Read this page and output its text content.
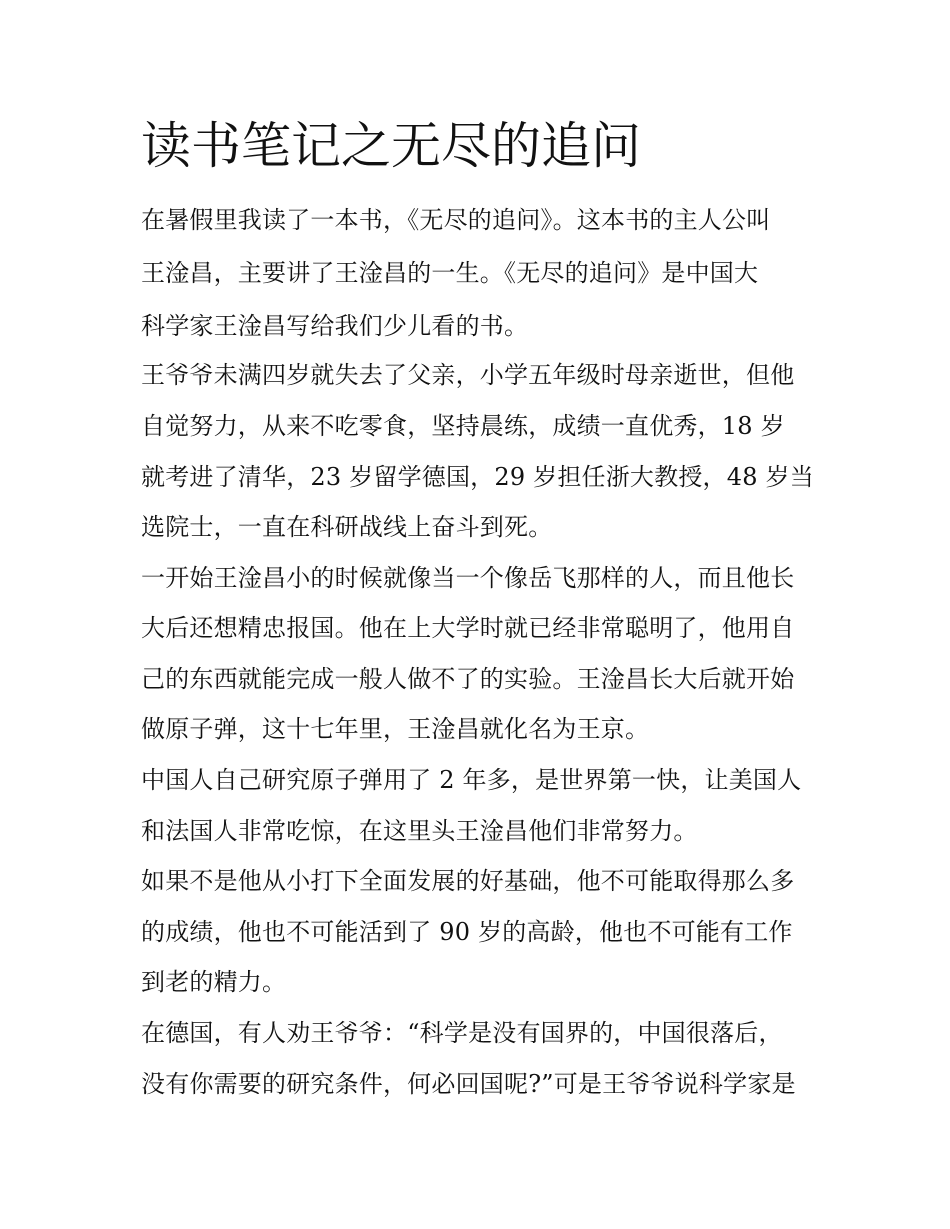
读书笔记之无尽的追问

在暑假里我读了一本书，《无尽的追问》。这本书的主人公叫

王淦昌，主要讲了王淦昌的一生。《无尽的追问》是中国大

科学家王淦昌写给我们少儿看的书。

王爷爷未满四岁就失去了父亲，小学五年级时母亲逝世，但他

自觉努力，从来不吃零食，坚持晨练，成绩一直优秀，18 岁

就考进了清华，23 岁留学德国，29 岁担任浙大教授，48 岁当

选院士，一直在科研战线上奋斗到死。

一开始王淦昌小的时候就像当一个像岳飞那样的人，而且他长

大后还想精忠报国。他在上大学时就已经非常聪明了，他用自

己的东西就能完成一般人做不了的实验。王淦昌长大后就开始

做原子弹，这十七年里，王淦昌就化名为王京。

中国人自己研究原子弹用了 2 年多，是世界第一快，让美国人

和法国人非常吃惊，在这里头王淦昌他们非常努力。

如果不是他从小打下全面发展的好基础，他不可能取得那么多

的成绩，他也不可能活到了 90 岁的高龄，他也不可能有工作

到老的精力。

在德国，有人劝王爷爷：“科学是没有国界的，中国很落后，

没有你需要的研究条件，何必回国呢?”可是王爷爷说科学家是
